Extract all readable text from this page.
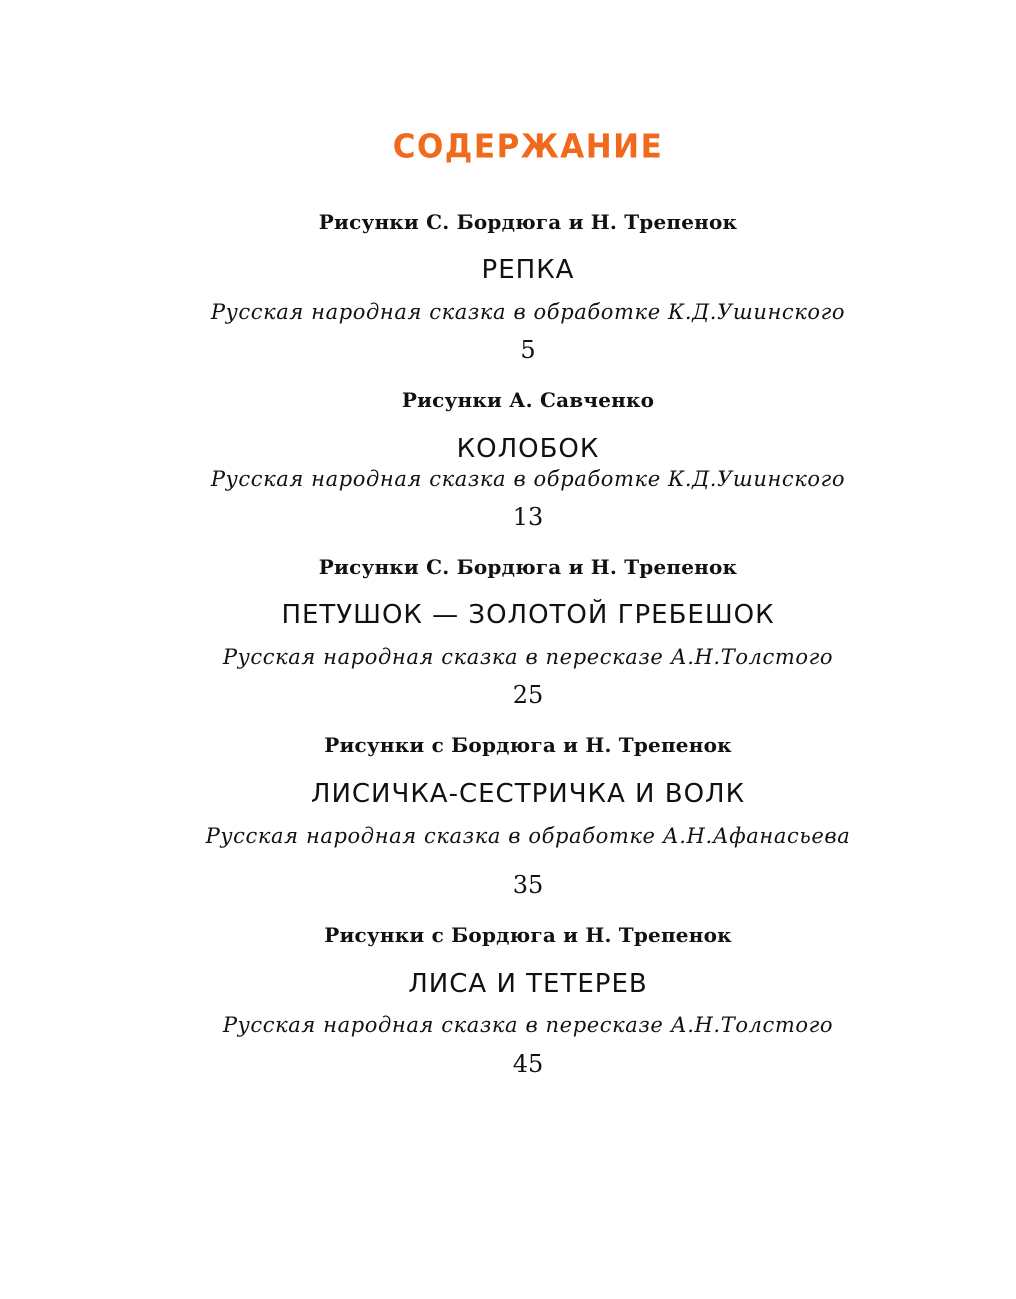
СОДЕРЖАНИЕ
Рисунки С. Бордюга и Н. Трепенок
РЕПКА
Русская народная сказка в обработке К.Д.Ушинского
5
Рисунки А. Савченко
КОЛОБОК
Русская народная сказка в обработке К.Д.Ушинского
13
Рисунки С. Бордюга и Н. Трепенок
ПЕТУШОК — ЗОЛОТОЙ ГРЕБЕШОК
Русская народная сказка в пересказе А.Н.Толстого
25
Рисунки с Бордюга и Н. Трепенок
ЛИСИЧКА-СЕСТРИЧКА И ВОЛК
Русская народная сказка в обработке А.Н.Афанасьева
35
Рисунки с Бордюга и Н. Трепенок
ЛИСА И ТЕТЕРЕВ
Русская народная сказка в пересказе А.Н.Толстого
45
